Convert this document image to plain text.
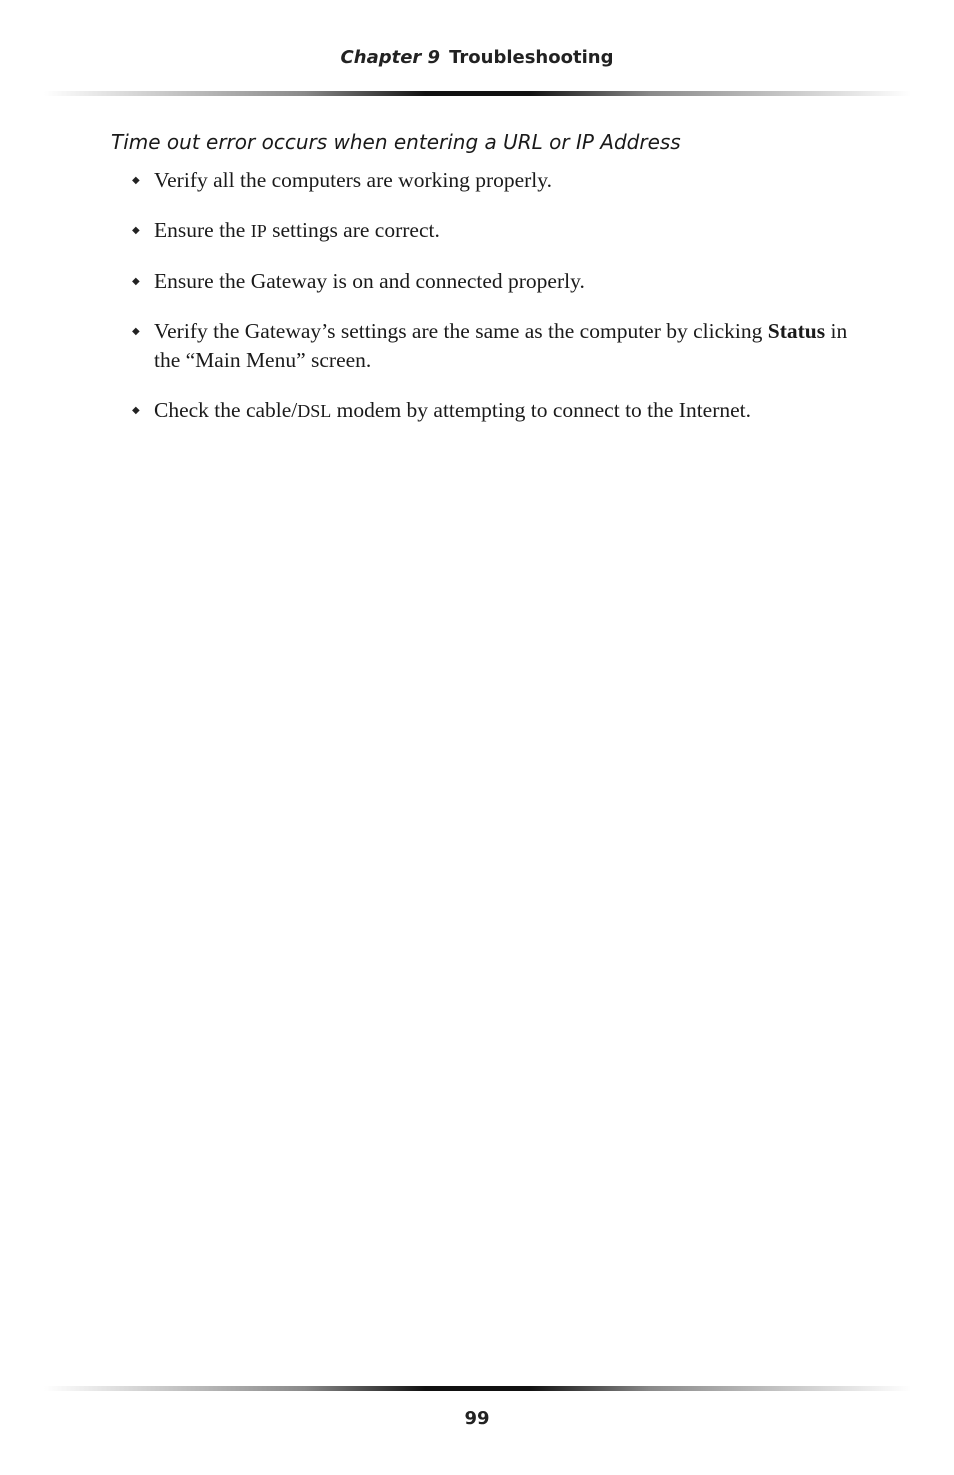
Chapter 9 Troubleshooting
Time out error occurs when entering a URL or IP Address
◆ Verify all the computers are working properly.
◆ Ensure the IP settings are correct.
◆ Ensure the Gateway is on and connected properly.
◆ Verify the Gateway’s settings are the same as the computer by clicking Status in the “Main Menu” screen.
◆ Check the cable/DSL modem by attempting to connect to the Internet.
99
